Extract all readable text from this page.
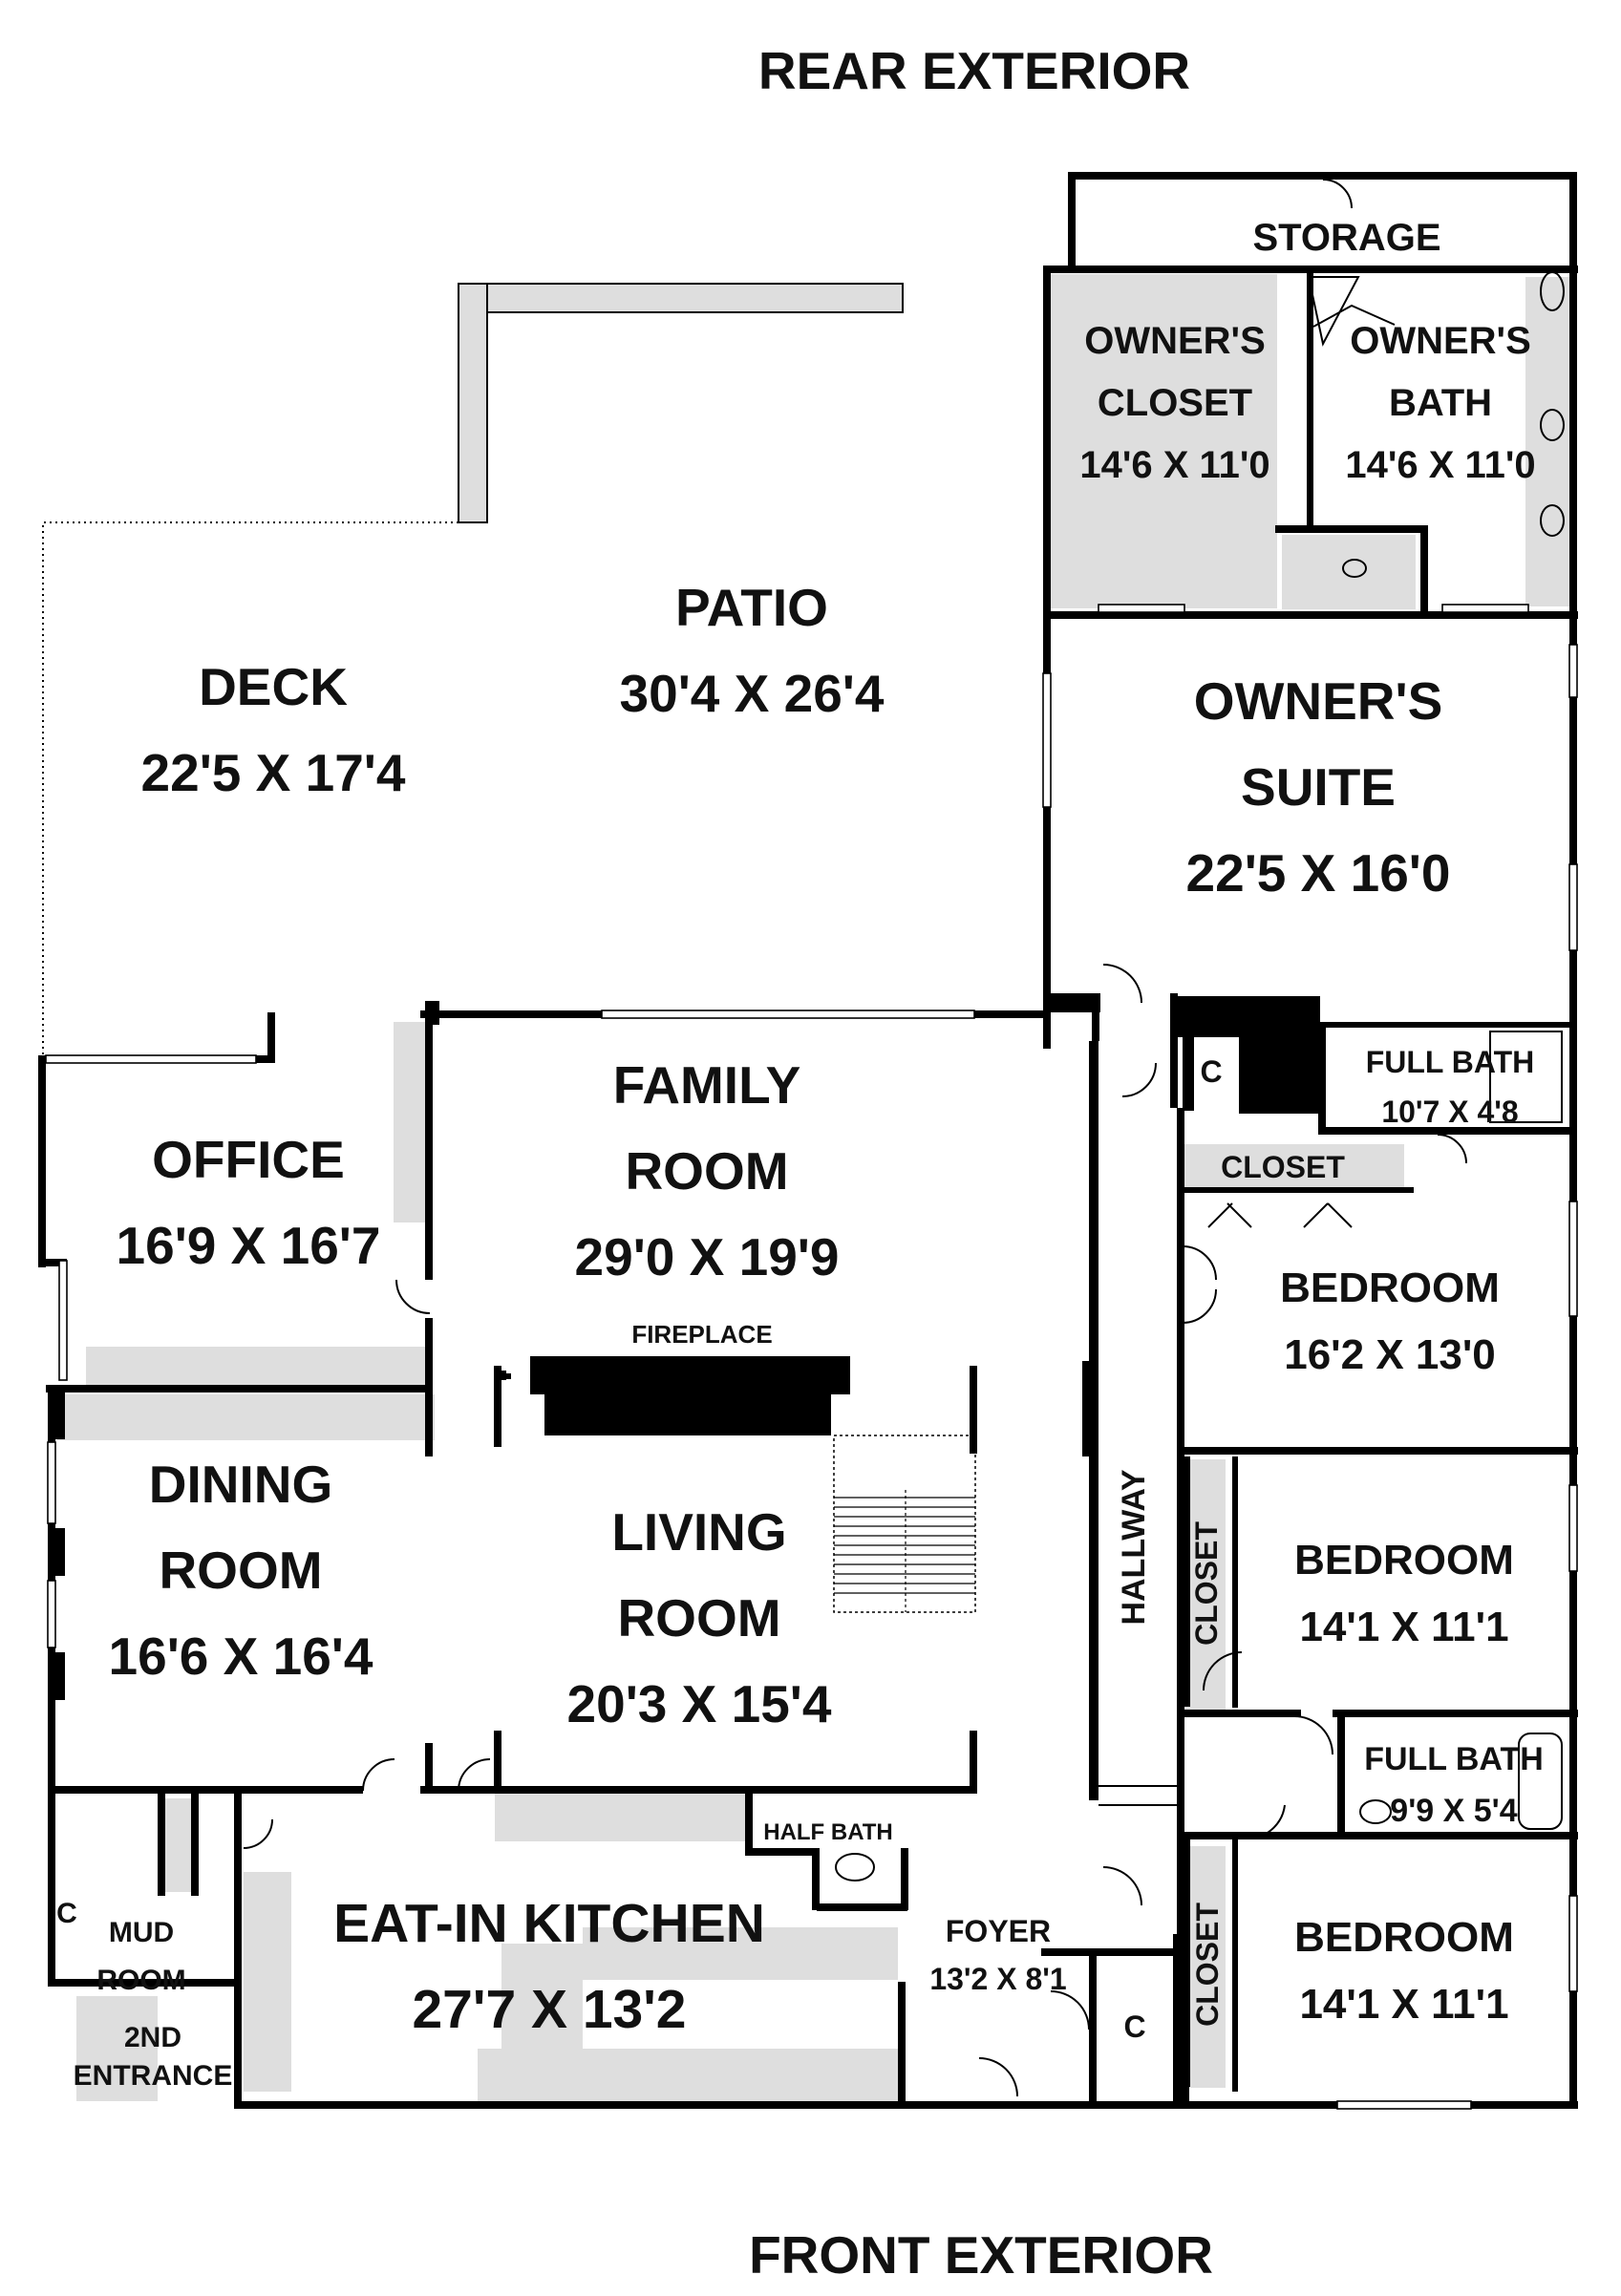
REAR EXTERIOR
FRONT EXTERIOR
STORAGE
OWNER'S
CLOSET
14'6 X 11'0
OWNER'S
BATH
14'6 X 11'0
PATIO
30'4 X 26'4
DECK
22'5 X 17'4
OWNER'S
SUITE
22'5 X 16'0
FAMILY
ROOM
29'0 X 19'9
OFFICE
16'9 X 16'7
FIREPLACE
FULL BATH
10'7 X 4'8
C
CLOSET
BEDROOM
16'2 X 13'0
DINING
ROOM
16'6 X 16'4
LIVING
ROOM
20'3 X 15'4
HALLWAY CLOSET BEDROOM
14'1 X 11'1
FULL BATH
9'9 X 5'4
HALF BATH
EAT-IN KITCHEN
27'7 X 13'2
FOYER
13'2 X 8'1
C
CLOSET BEDROOM
14'1 X 11'1
C
MUD
ROOM
2ND
ENTRANCE
